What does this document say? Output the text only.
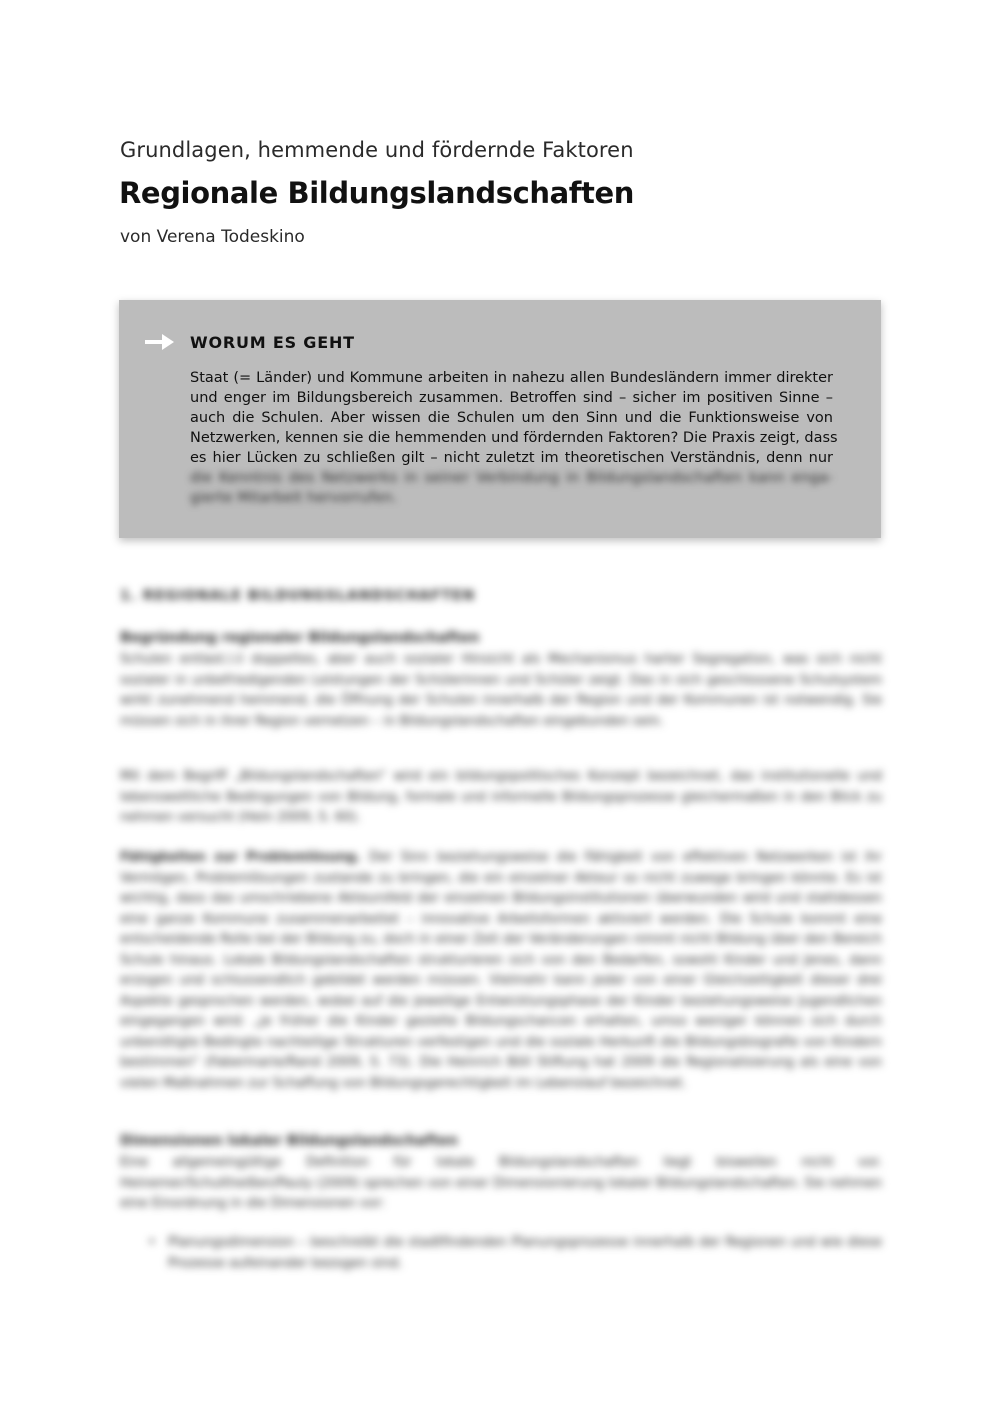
Grundlagen, hemmende und fördernde Faktoren
Regionale Bildungslandschaften

von Verena Todeskino

WORUM ES GEHT

Staat (= Länder) und Kommune arbeiten in nahezu allen Bundesländern immer direkter
und enger im Bildungsbereich zusammen. Betroffen sind – sicher im positiven Sinne –
auch die Schulen. Aber wissen die Schulen um den Sinn und die Funktionsweise von
Netzwerken, kennen sie die hemmenden und fördernden Faktoren? Die Praxis zeigt, dass
es hier Lücken zu schließen gilt – nicht zuletzt im theoretischen Verständnis, denn nur
die Kenntnis des Netzwerks in seiner Verbindung in Bildungslandschaften kann enga-
gierte Mitarbeit hervorrufen.

1. REGIONALE BILDUNGSLANDSCHAFTEN
Begründung regionaler Bildungslandschaften

Schulen entlast.l.ii doppeltes, aber auch sozialer Hinsicht als Mechanismus harter Segregation, was sich nicht sozialer in unbefriedigenden Leistungen der Schülerinnen und Schüler zeigt. Das in sich geschlossene Schulsystem wirkt zunehmend hemmend, die Öffnung der Schulen innerhalb der Region und der Kommunen ist notwendig. Sie müssen sich in ihrer Region vernetzen – in Bildungslandschaften eingebunden sein.

Mit dem Begriff „Bildungslandschaften“ wird ein bildungspolitisches Konzept bezeichnet, das institutionelle und lebensweltliche Bedingungen von Bildung, formale und informelle Bildungsprozesse gleichermaßen in den Blick zu nehmen versucht (Hein 2009, S. 60).

Fähigkeiten zur Problemlösung. Der Sinn beziehungsweise die Fähigkeit von effektiven Netzwerken ist ihr Vermögen, Problemlösungen zustande zu bringen, die ein einzelner Akteur so nicht zuwege bringen könnte. Es ist wichtig, dass das umschriebene Akteursfeld der einzelnen Bildungsinstitutionen überwunden wird und stattdessen eine ganze Kommune zusammenarbeitet – innovative Arbeitsformen aktiviert werden. Die Schule kommt eine entscheidende Rolle bei der Bildung zu, doch in einer Zeit der Veränderungen nimmt nicht Bildung über den Bereich Schule hinaus. Lokale Bildungslandschaften strukturieren sich von den Bedarfen, sowohl Kinder und Jenes, dann erzogen und schlussendlich gebildet werden müssen. Vielmehr kann jeder von einer Gleichzeitigkeit dieser drei Aspekte gesprochen werden, wobei auf die jeweilige Entwicklungsphase der Kinder beziehungsweise Jugendlichen eingegangen wird: „je früher die Kinder gezielte Bildungschancen erhalten, umso weniger können sich durch unbenötigte Bedingte nachteilige Strukturen verfestigen und die soziale Herkunft die Bildungsbiografie von Kindern bestimmen“ (Fabermarie/Rand 2009, S. 73). Die Heinrich Böll Stiftung hat 2009 die Regionalisierung als eine von vielen Maßnahmen zur Schaffung von Bildungsgerechtigkeit im Lebenslauf bezeichnet.

Dimensionen lokaler Bildungslandschaften

Eine allgemeingültige Definition für lokale Bildungslandschaften liegt bisweilen nicht vor. Heinemer/Schultheißen/Pauly (2009) sprechen von einer Dimensionierung lokaler Bildungslandschaften. Sie nehmen eine Einordnung in die Dimensionen vor:

• Planungsdimension – beschreibt die stadtfindenden Planungsprozesse innerhalb der Regionen und wie diese Prozesse aufeinander bezogen sind.
